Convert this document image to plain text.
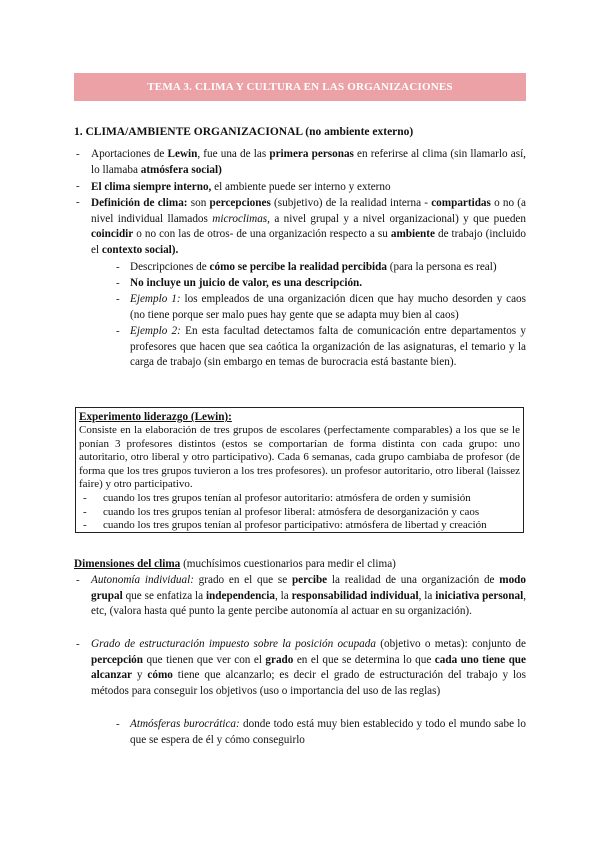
TEMA 3. CLIMA Y CULTURA EN LAS ORGANIZACIONES
1. CLIMA/AMBIENTE ORGANIZACIONAL (no ambiente externo)
-	Aportaciones de Lewin, fue una de las primera personas en referirse al clima (sin llamarlo así, lo llamaba atmósfera social)
-	El clima siempre interno, el ambiente puede ser interno y externo
-	Definición de clima: son percepciones (subjetivo) de la realidad interna - compartidas o no (a nivel individual llamados microclimas, a nivel grupal y a nivel organizacional) y que pueden coincidir o no con las de otros- de una organización respecto a su ambiente de trabajo (incluido el contexto social).
- Descripciones de cómo se percibe la realidad percibida (para la persona es real)
- No incluye un juicio de valor, es una descripción.
- Ejemplo 1: los empleados de una organización dicen que hay mucho desorden y caos (no tiene porque ser malo pues hay gente que se adapta muy bien al caos)
- Ejemplo 2: En esta facultad detectamos falta de comunicación entre departamentos y profesores que hacen que sea caótica la organización de las asignaturas, el temario y la carga de trabajo (sin embargo en temas de burocracia está bastante bien).
Experimento liderazgo (Lewin):
Consiste en la elaboración de tres grupos de escolares (perfectamente comparables) a los que se le ponían 3 profesores distintos (estos se comportarían de forma distinta con cada grupo: uno autoritario, otro liberal y otro participativo). Cada 6 semanas, cada grupo cambiaba de profesor (de forma que los tres grupos tuvieron a los tres profesores). un profesor autoritario, otro liberal (laissez faire) y otro participativo.
-	cuando los tres grupos tenían al profesor autoritario: atmósfera de orden y sumisión
-	cuando los tres grupos tenían al profesor liberal: atmósfera de desorganización y caos
-	cuando los tres grupos tenían al profesor participativo: atmósfera de libertad y creación
Dimensiones del clima (muchísimos cuestionarios para medir el clima)
-	Autonomía individual: grado en el que se percibe la realidad de una organización de modo grupal que se enfatiza la independencia, la responsabilidad individual, la iniciativa personal, etc, (valora hasta qué punto la gente percibe autonomía al actuar en su organización).
-	Grado de estructuración impuesto sobre la posición ocupada (objetivo o metas): conjunto de percepción que tienen que ver con el grado en el que se determina lo que cada uno tiene que alcanzar y cómo tiene que alcanzarlo; es decir el grado de estructuración del trabajo y los métodos para conseguir los objetivos (uso o importancia del uso de las reglas)
- Atmósferas burocrática: donde todo está muy bien establecido y todo el mundo sabe lo que se espera de él y cómo conseguirlo
